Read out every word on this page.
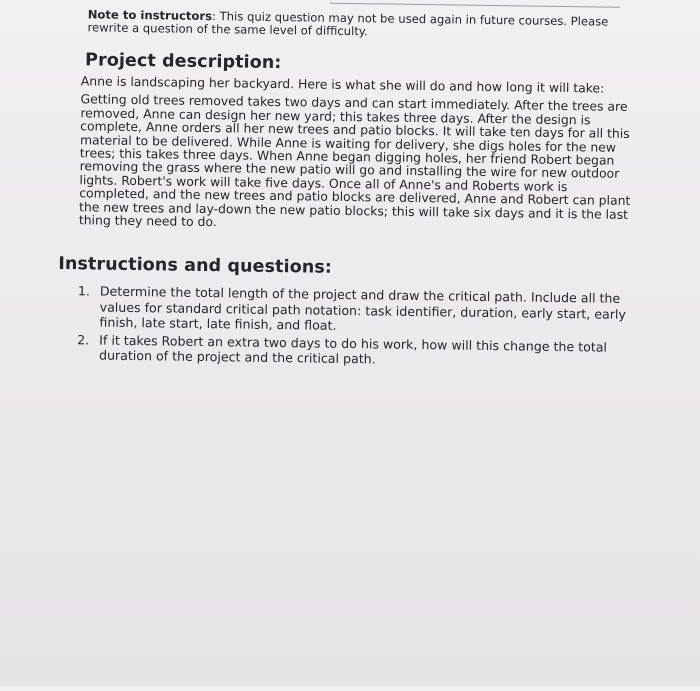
Note to instructors: This quiz question may not be used again in future courses. Please rewrite a question of the same level of difficulty.
Project description:
Anne is landscaping her backyard. Here is what she will do and how long it will take:
Getting old trees removed takes two days and can start immediately. After the trees are removed, Anne can design her new yard; this takes three days. After the design is complete, Anne orders all her new trees and patio blocks. It will take ten days for all this material to be delivered. While Anne is waiting for delivery, she digs holes for the new trees; this takes three days. When Anne began digging holes, her friend Robert began removing the grass where the new patio will go and installing the wire for new outdoor lights. Robert's work will take five days. Once all of Anne's and Roberts work is completed, and the new trees and patio blocks are delivered, Anne and Robert can plant the new trees and lay-down the new patio blocks; this will take six days and it is the last thing they need to do.
Instructions and questions:
1. Determine the total length of the project and draw the critical path. Include all the values for standard critical path notation: task identifier, duration, early start, early finish, late start, late finish, and float.
2. If it takes Robert an extra two days to do his work, how will this change the total duration of the project and the critical path.
